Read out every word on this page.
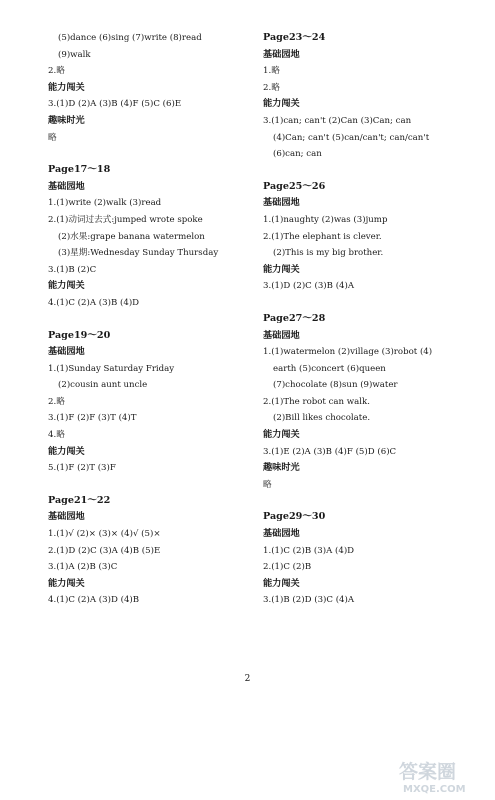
(5)dance (6)sing (7)write (8)read
(9)walk
2.略
能力闯关
3.(1)D (2)A (3)B (4)F (5)C (6)E
趣味时光
略
Page17～18
基础园地
1.(1)write (2)walk (3)read
2.(1)动词过去式:jumped wrote spoke
(2)水果:grape banana watermelon
(3)星期:Wednesday Sunday Thursday
3.(1)B (2)C
能力闯关
4.(1)C (2)A (3)B (4)D
Page19～20
基础园地
1.(1)Sunday Saturday Friday
(2)cousin aunt uncle
2.略
3.(1)F (2)F (3)T (4)T
4.略
能力闯关
5.(1)F (2)T (3)F
Page21～22
基础园地
1.(1)√ (2)× (3)× (4)√ (5)×
2.(1)D (2)C (3)A (4)B (5)E
3.(1)A (2)B (3)C
能力闯关
4.(1)C (2)A (3)D (4)B
Page23～24
基础园地
1.略
2.略
能力闯关
3.(1)can; can't (2)Can (3)Can; can
(4)Can; can't (5)can/can't; can/can't
(6)can; can
Page25～26
基础园地
1.(1)naughty (2)was (3)jump
2.(1)The elephant is clever.
(2)This is my big brother.
能力闯关
3.(1)D (2)C (3)B (4)A
Page27～28
基础园地
1.(1)watermelon (2)village (3)robot (4)
earth (5)concert (6)queen
(7)chocolate (8)sun (9)water
2.(1)The robot can walk.
(2)Bill likes chocolate.
能力闯关
3.(1)E (2)A (3)B (4)F (5)D (6)C
趣味时光
略
Page29～30
基础园地
1.(1)C (2)B (3)A (4)D
2.(1)C (2)B
能力闯关
3.(1)B (2)D (3)C (4)A
2
答案圈
MXQE.COM
